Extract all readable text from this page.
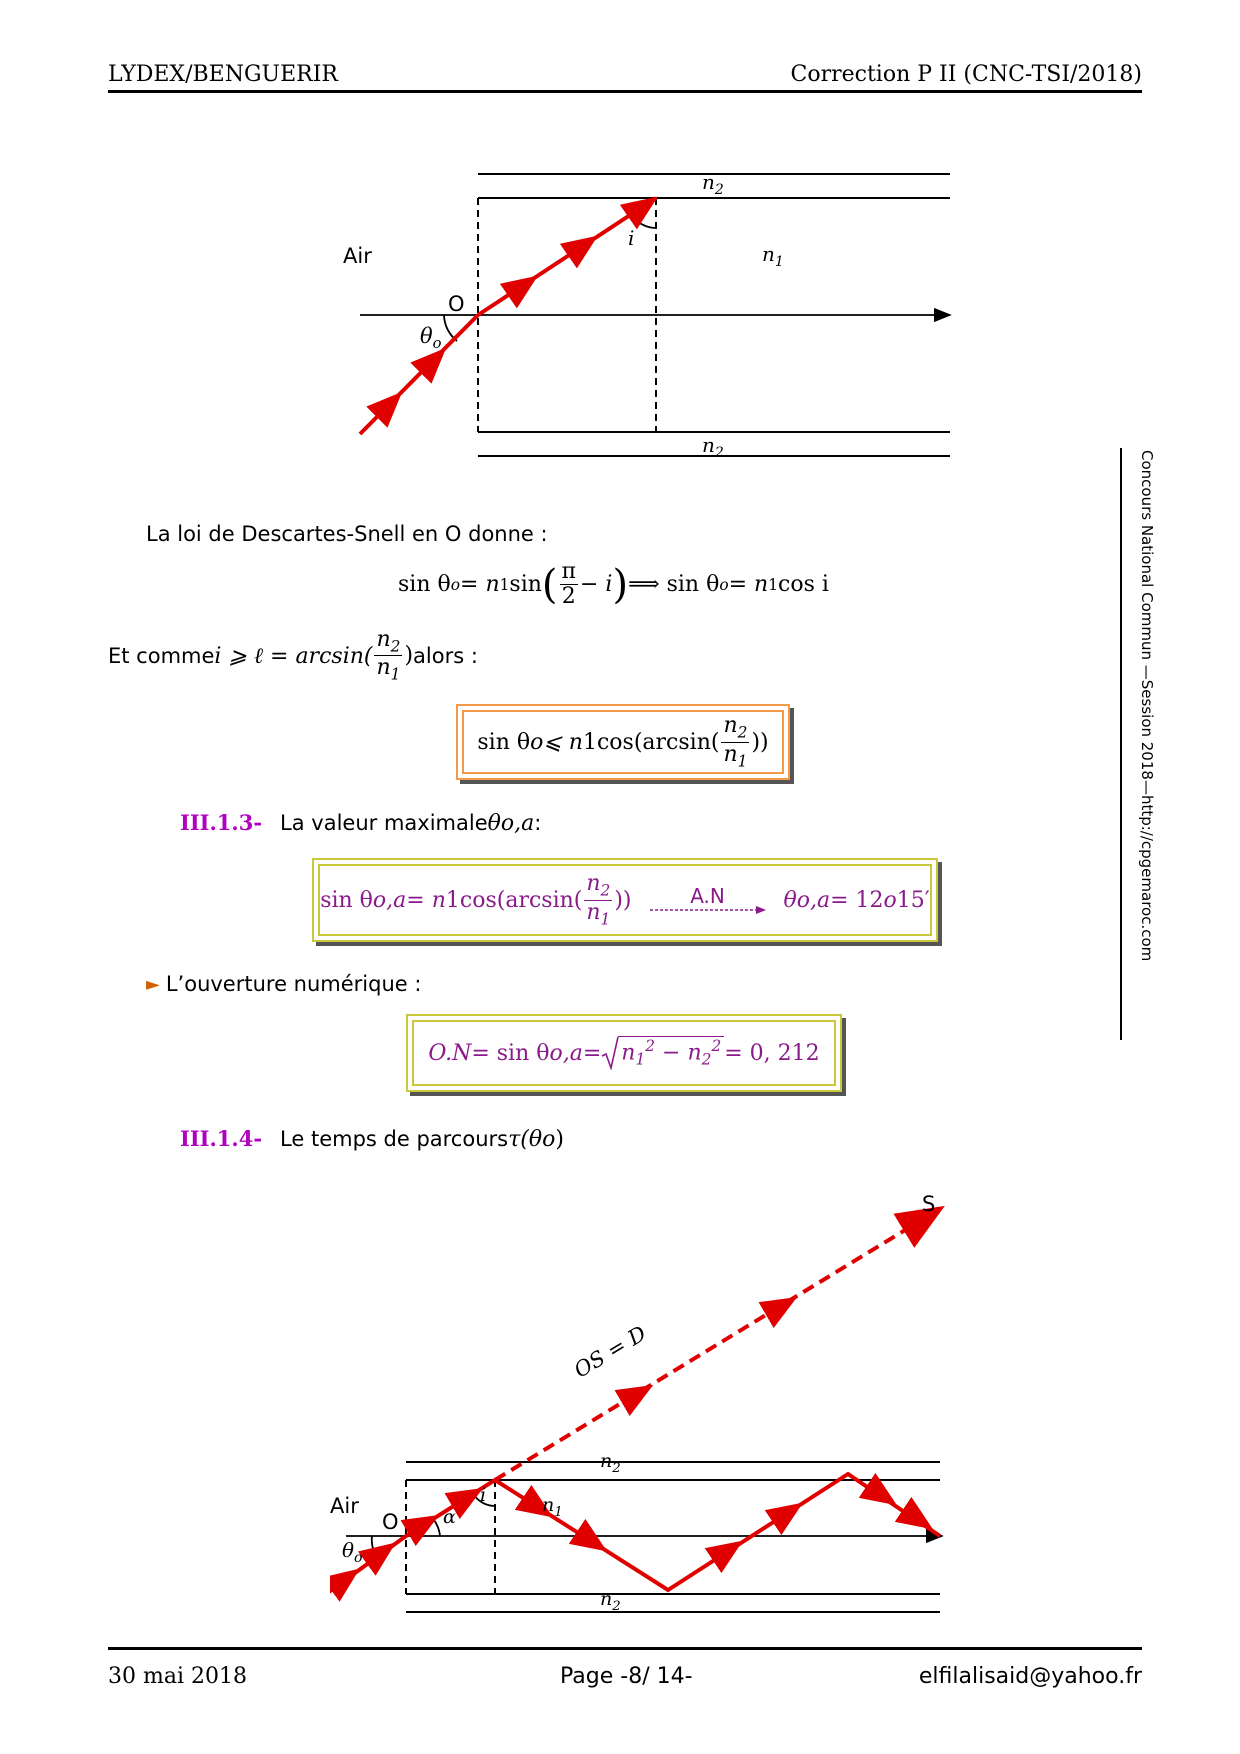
LYDEX/BENGUERIR	Correction P II (CNC-TSI/2018)
Concours National Commun —Session 2018—http://cpgemaroc.com
$n_2$
Air
i
$n_1$
O
$\theta_o$
$n_2$
La loi de Descartes-Snell en O donne :
sin θ o = n 1 sin ( $\frac{\pi}{2} - i$ ) ⟹ sin θ o = n 1 cos i
Et comme i ⩾ ℓ = $\arcsin( \frac{n_2}{n_1}$ ) alors :
sin θ o ⩽ n 1 $\cos(\arcsin( \frac{n_2}{n_1}$ ))
III.1.3- La valeur maximale θ o,a :
sin θ o,a = n 1 $\cos(\arcsin( \frac{n_2}{n_1}$ ))	A.N	θ o,a = 12 o 15′
► L’ouverture numérique :
O.N = sin θ $o,a = n_1^2 - n_2^2 = 0$, 212
III.1.4- Le temps de parcours τ(θ o )
S
OS = D
$n_2$
Air	i	$n_1$
O α
$\theta_o$
$n_2$
30 mai 2018	Page -8/ 14-	elfilalisaid@yahoo.fr
